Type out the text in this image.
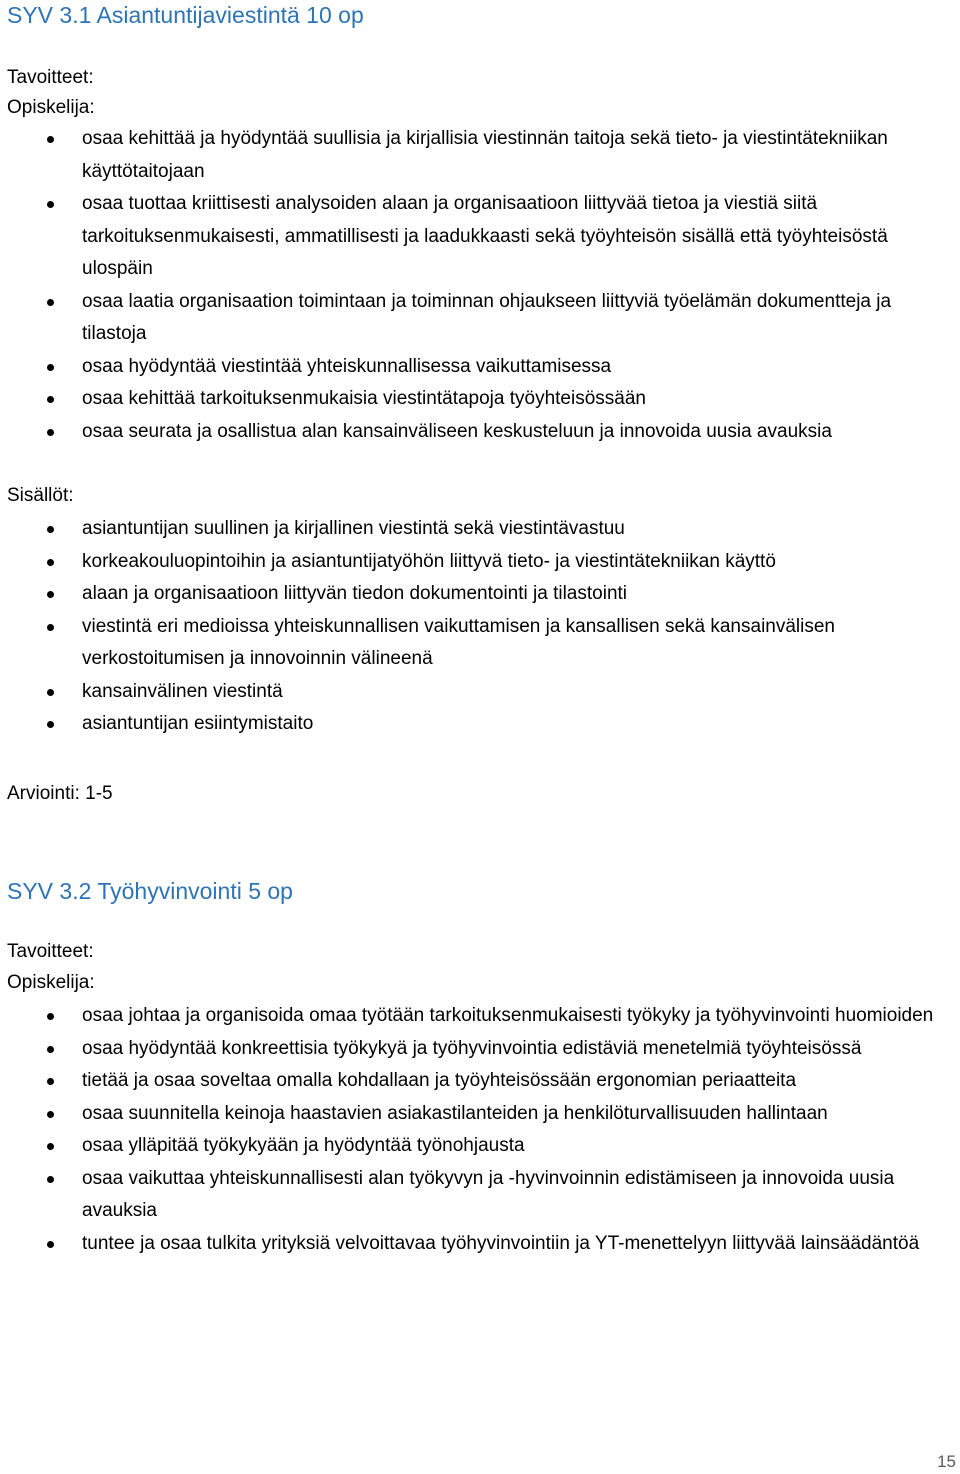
SYV 3.1 Asiantuntijaviestintä 10 op

Tavoitteet:

Opiskelija:

osaa kehittää ja hyödyntää suullisia ja kirjallisia viestinnän taitoja sekä tieto- ja viestintätekniikan käyttötaitojaan
osaa tuottaa kriittisesti analysoiden alaan ja organisaatioon liittyvää tietoa ja viestiä siitä tarkoituksenmukaisesti, ammatillisesti ja laadukkaasti sekä työyhteisön sisällä että työyhteisöstä ulospäin
osaa laatia organisaation toimintaan ja toiminnan ohjaukseen liittyviä työelämän dokumentteja ja tilastoja
osaa hyödyntää viestintää yhteiskunnallisessa vaikuttamisessa
osaa kehittää tarkoituksenmukaisia viestintätapoja työyhteisössään
osaa seurata ja osallistua alan kansainväliseen keskusteluun ja innovoida uusia avauksia

Sisällöt:

asiantuntijan suullinen ja kirjallinen viestintä sekä viestintävastuu
korkeakouluopintoihin ja asiantuntijatyöhön liittyvä tieto- ja viestintätekniikan käyttö
alaan ja organisaatioon liittyvän tiedon dokumentointi ja tilastointi
viestintä eri medioissa yhteiskunnallisen vaikuttamisen ja kansallisen sekä kansainvälisen verkostoitumisen ja innovoinnin välineenä
kansainvälinen viestintä
asiantuntijan esiintymistaito

Arviointi: 1-5

SYV 3.2 Työhyvinvointi 5 op

Tavoitteet:

Opiskelija:

osaa johtaa ja organisoida omaa työtään tarkoituksenmukaisesti työkyky ja työhyvinvointi huomioiden
osaa hyödyntää konkreettisia työkykyä ja työhyvinvointia edistäviä menetelmiä työyhteisössä
tietää ja osaa soveltaa omalla kohdallaan ja työyhteisössään ergonomian periaatteita
osaa suunnitella keinoja haastavien asiakastilanteiden ja henkilöturvallisuuden hallintaan
osaa ylläpitää työkykyään ja hyödyntää työnohjausta
osaa vaikuttaa yhteiskunnallisesti alan työkyvyn ja -hyvinvoinnin edistämiseen ja innovoida uusia avauksia
tuntee ja osaa tulkita yrityksiä velvoittavaa työhyvinvointiin ja YT-menettelyyn liittyvää lainsäädäntöä
15
